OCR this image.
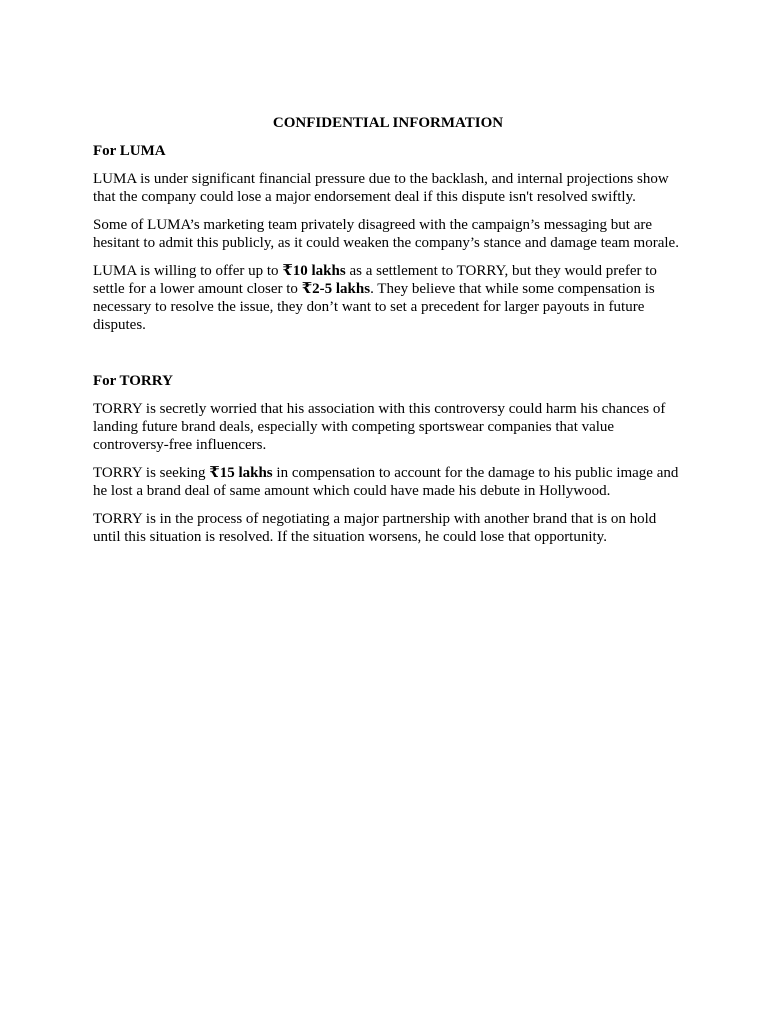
CONFIDENTIAL INFORMATION
For LUMA
LUMA is under significant financial pressure due to the backlash, and internal projections show that the company could lose a major endorsement deal if this dispute isn't resolved swiftly.
Some of LUMA’s marketing team privately disagreed with the campaign’s messaging but are hesitant to admit this publicly, as it could weaken the company’s stance and damage team morale.
LUMA is willing to offer up to ₹10 lakhs as a settlement to TORRY, but they would prefer to settle for a lower amount closer to ₹2-5 lakhs. They believe that while some compensation is necessary to resolve the issue, they don’t want to set a precedent for larger payouts in future disputes.
For TORRY
TORRY is secretly worried that his association with this controversy could harm his chances of landing future brand deals, especially with competing sportswear companies that value controversy-free influencers.
TORRY is seeking ₹15 lakhs in compensation to account for the damage to his public image and he lost a brand deal of same amount which could have made his debute in Hollywood.
TORRY is in the process of negotiating a major partnership with another brand that is on hold until this situation is resolved. If the situation worsens, he could lose that opportunity.
